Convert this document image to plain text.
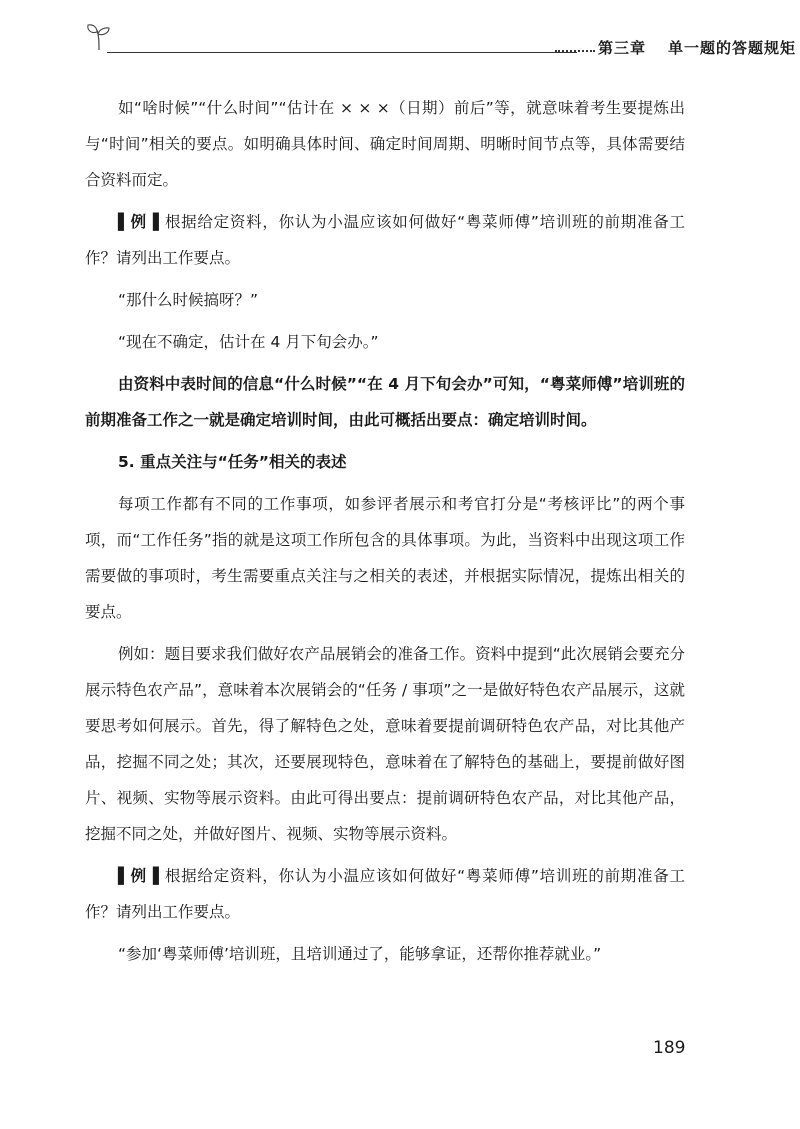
第三章 单一题的答题规矩

如“啥时候”“什么时间”“估计在 × × ×（日期）前后”等，就意味着考生要提炼出与“时间”相关的要点。如明确具体时间、确定时间周期、明晰时间节点等，具体需要结合资料而定。

▌例▐ 根据给定资料，你认为小温应该如何做好“粤菜师傅”培训班的前期准备工作？请列出工作要点。

“那什么时候搞呀？”

“现在不确定，估计在 4 月下旬会办。”

由资料中表时间的信息“什么时候”“在 4 月下旬会办”可知，“粤菜师傅”培训班的前期准备工作之一就是确定培训时间，由此可概括出要点：确定培训时间。

5. 重点关注与“任务”相关的表述

每项工作都有不同的工作事项，如参评者展示和考官打分是“考核评比”的两个事项，而“工作任务”指的就是这项工作所包含的具体事项。为此，当资料中出现这项工作需要做的事项时，考生需要重点关注与之相关的表述，并根据实际情况，提炼出相关的要点。

例如：题目要求我们做好农产品展销会的准备工作。资料中提到“此次展销会要充分展示特色农产品”，意味着本次展销会的“任务 / 事项”之一是做好特色农产品展示，这就要思考如何展示。首先，得了解特色之处，意味着要提前调研特色农产品，对比其他产品，挖掘不同之处；其次，还要展现特色，意味着在了解特色的基础上，要提前做好图片、视频、实物等展示资料。由此可得出要点：提前调研特色农产品，对比其他产品，挖掘不同之处，并做好图片、视频、实物等展示资料。

▌例▐ 根据给定资料，你认为小温应该如何做好“粤菜师傅”培训班的前期准备工作？请列出工作要点。

“参加‘粤菜师傅’培训班，且培训通过了，能够拿证，还帮你推荐就业。”

189
